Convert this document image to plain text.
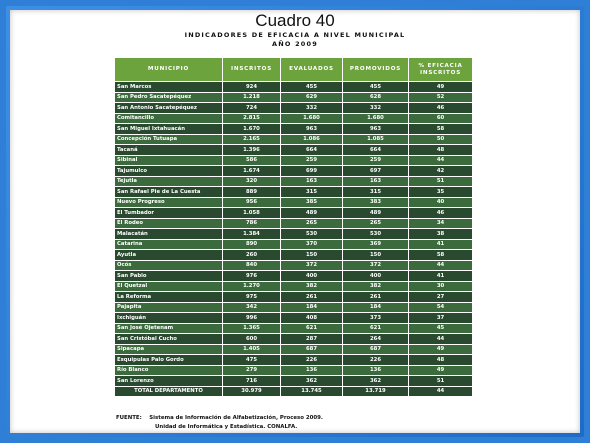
Cuadro 40
INDICADORES DE EFICACIA A NIVEL MUNICIPAL
AÑO 2009
MUNICIPIO	INSCRITOS	EVALUADOS	PROMOVIDOS	% EFICACIA INSCRITOS
San Marcos	924	455	455	49
San Pedro Sacatepéquez	1.218	629	628	52
San Antonio Sacatepéquez	724	332	332	46
Comitancillo	2.815	1.680	1.680	60
San Miguel Ixtahuacán	1.670	963	963	58
Concepción Tutuapa	2.165	1.086	1.085	50
Tacaná	1.396	664	664	48
Sibinal	586	259	259	44
Tajumulco	1.674	699	697	42
Tejutla	320	163	163	51
San Rafael Pie de La Cuesta	889	315	315	35
Nuevo Progreso	956	385	383	40
El Tumbador	1.058	489	489	46
El Rodeo	786	265	265	34
Malacatán	1.384	530	530	38
Catarina	890	370	369	41
Ayutla	260	150	150	58
Ocós	840	372	372	44
San Pablo	976	400	400	41
El Quetzal	1.270	382	382	30
La Reforma	975	261	261	27
Pajapita	342	184	184	54
Ixchiguán	996	408	373	37
San José Ojetenam	1.365	621	621	45
San Cristóbal Cucho	600	287	264	44
Sipacapa	1.405	687	687	49
Esquipulas Palo Gordo	475	226	226	48
Río Blanco	279	136	136	49
San Lorenzo	716	362	362	51
TOTAL DEPARTAMENTO	30.979	13.745	13.719	44
FUENTE: Sistema de Información de Alfabetización, Proceso 2009.
Unidad de Informática y Estadística. CONALFA.
